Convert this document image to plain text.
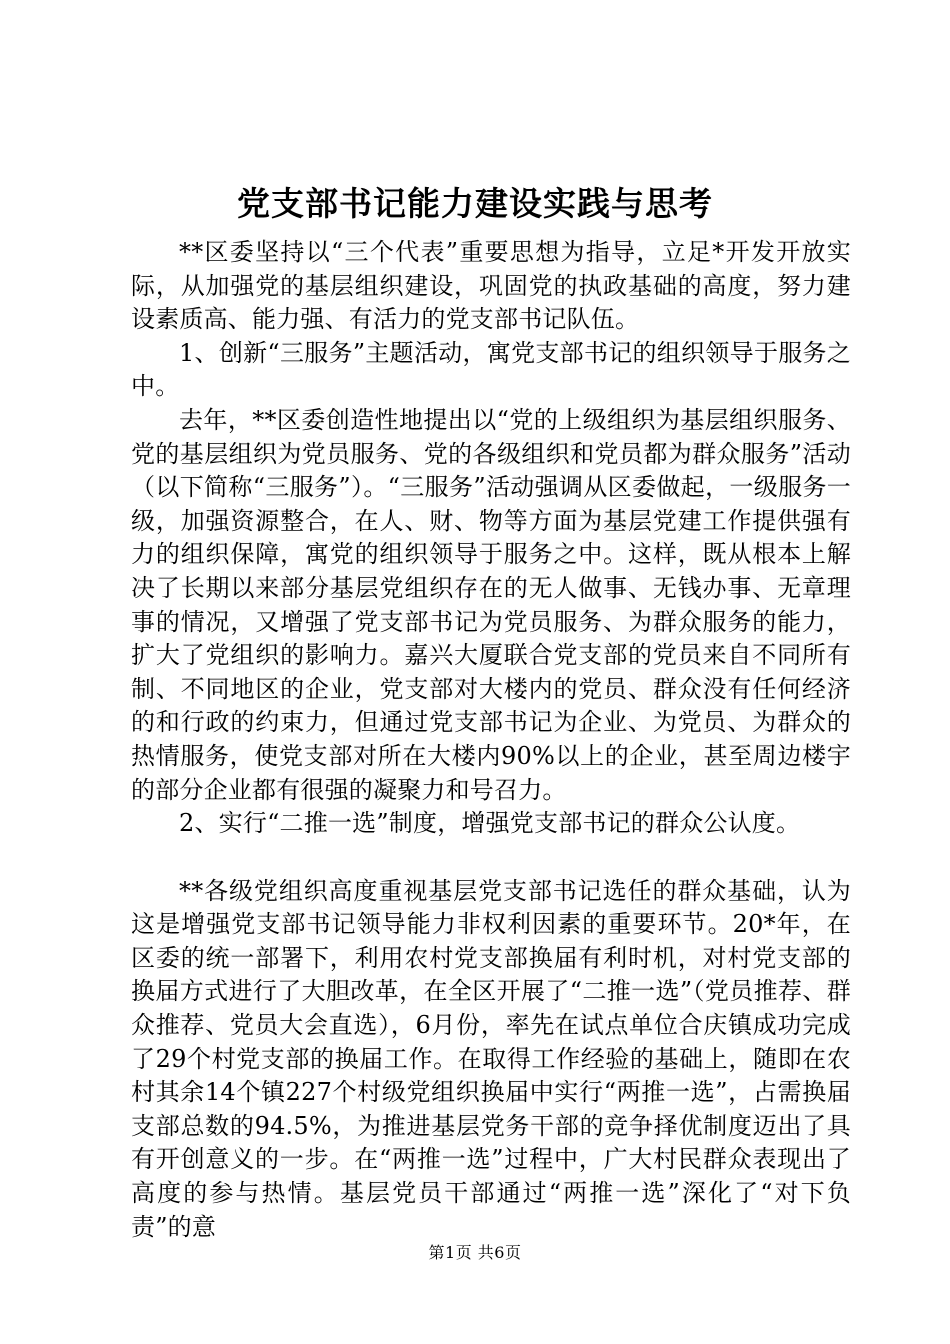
党支部书记能力建设实践与思考

**区委坚持以“三个代表”重要思想为指导，立足*开发开放实际，从加强党的基层组织建设，巩固党的执政基础的高度，努力建设素质高、能力强、有活力的党支部书记队伍。

1、创新“三服务”主题活动，寓党支部书记的组织领导于服务之中。

去年，**区委创造性地提出以“党的上级组织为基层组织服务、党的基层组织为党员服务、党的各级组织和党员都为群众服务”活动（以下简称“三服务”）。“三服务”活动强调从区委做起，一级服务一级，加强资源整合，在人、财、物等方面为基层党建工作提供强有力的组织保障，寓党的组织领导于服务之中。这样，既从根本上解决了长期以来部分基层党组织存在的无人做事、无钱办事、无章理事的情况，又增强了党支部书记为党员服务、为群众服务的能力，扩大了党组织的影响力。嘉兴大厦联合党支部的党员来自不同所有制、不同地区的企业，党支部对大楼内的党员、群众没有任何经济的和行政的约束力，但通过党支部书记为企业、为党员、为群众的热情服务，使党支部对所在大楼内90%以上的企业，甚至周边楼宇的部分企业都有很强的凝聚力和号召力。

2、实行“二推一选”制度，增强党支部书记的群众公认度。

**各级党组织高度重视基层党支部书记选任的群众基础，认为这是增强党支部书记领导能力非权利因素的重要环节。20*年，在区委的统一部署下，利用农村党支部换届有利时机，对村党支部的换届方式进行了大胆改革，在全区开展了“二推一选”（党员推荐、群众推荐、党员大会直选），6月份，率先在试点单位合庆镇成功完成了29个村党支部的换届工作。在取得工作经验的基础上，随即在农村其余14个镇227个村级党组织换届中实行“两推一选”，占需换届支部总数的94.5%，为推进基层党务干部的竞争择优制度迈出了具有开创意义的一步。在“两推一选”过程中，广大村民群众表现出了高度的参与热情。基层党员干部通过“两推一选”深化了“对下负责”的意

第1页 共6页
